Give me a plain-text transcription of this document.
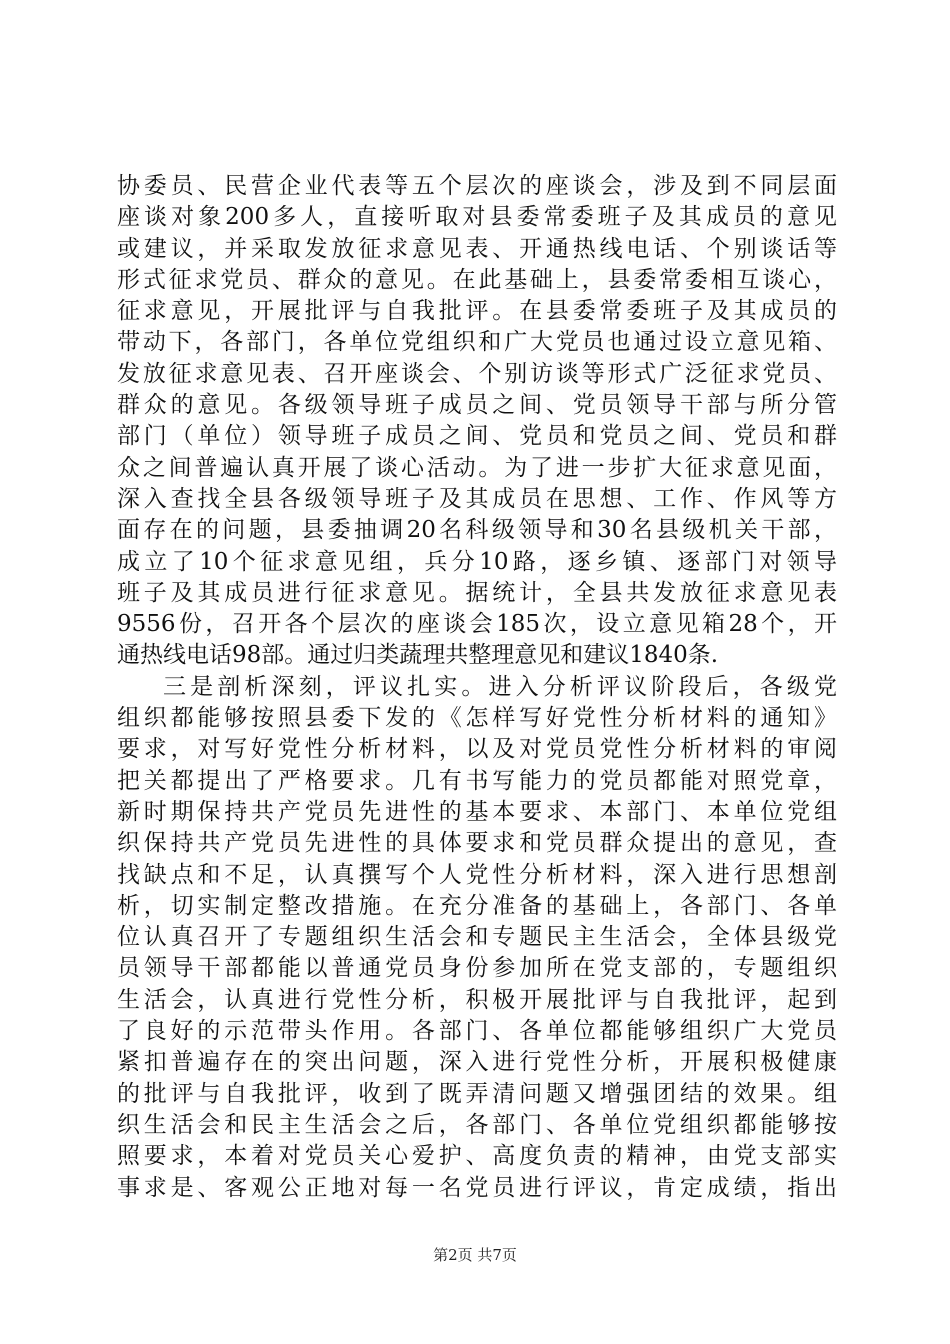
协委员、民营企业代表等五个层次的座谈会，涉及到不同层面
座谈对象200多人，直接听取对县委常委班子及其成员的意见
或建议，并采取发放征求意见表、开通热线电话、个别谈话等
形式征求党员、群众的意见。在此基础上，县委常委相互谈心，
征求意见，开展批评与自我批评。在县委常委班子及其成员的
带动下，各部门，各单位党组织和广大党员也通过设立意见箱、
发放征求意见表、召开座谈会、个别访谈等形式广泛征求党员、
群众的意见。各级领导班子成员之间、党员领导干部与所分管
部门（单位）领导班子成员之间、党员和党员之间、党员和群
众之间普遍认真开展了谈心活动。为了进一步扩大征求意见面，
深入查找全县各级领导班子及其成员在思想、工作、作风等方
面存在的问题，县委抽调20名科级领导和30名县级机关干部，
成立了10个征求意见组，兵分10路，逐乡镇、逐部门对领导
班子及其成员进行征求意见。据统计，全县共发放征求意见表
9556份，召开各个层次的座谈会185次，设立意见箱28个，开
通热线电话98部。通过归类蔬理共整理意见和建议1840条.
三是剖析深刻，评议扎实。进入分析评议阶段后，各级党
组织都能够按照县委下发的《怎样写好党性分析材料的通知》
要求，对写好党性分析材料，以及对党员党性分析材料的审阅
把关都提出了严格要求。几有书写能力的党员都能对照党章，
新时期保持共产党员先进性的基本要求、本部门、本单位党组
织保持共产党员先进性的具体要求和党员群众提出的意见，查
找缺点和不足，认真撰写个人党性分析材料，深入进行思想剖
析，切实制定整改措施。在充分准备的基础上，各部门、各单
位认真召开了专题组织生活会和专题民主生活会，全体县级党
员领导干部都能以普通党员身份参加所在党支部的，专题组织
生活会，认真进行党性分析，积极开展批评与自我批评，起到
了良好的示范带头作用。各部门、各单位都能够组织广大党员
紧扣普遍存在的突出问题，深入进行党性分析，开展积极健康
的批评与自我批评，收到了既弄清问题又增强团结的效果。组
织生活会和民主生活会之后，各部门、各单位党组织都能够按
照要求，本着对党员关心爱护、高度负责的精神，由党支部实
事求是、客观公正地对每一名党员进行评议，肯定成绩，指出
第2页 共7页
